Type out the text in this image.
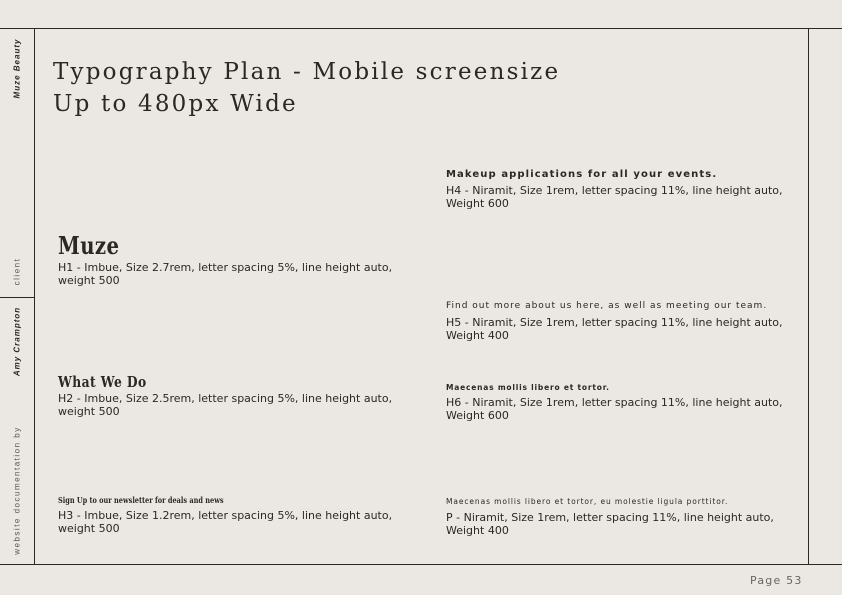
Muze Beauty
client
Amy Crampton
website documentation by
Typography Plan - Mobile screensize
Up to 480px Wide
Muze
H1 - Imbue, Size 2.7rem, letter spacing 5%, line height auto, weight 500
What We Do
H2 - Imbue, Size 2.5rem, letter spacing 5%, line height auto, weight 500
Sign Up to our newsletter for deals and news
H3 - Imbue, Size 1.2rem, letter spacing 5%, line height auto, weight 500
Makeup applications for all your events.
H4 - Niramit, Size 1rem, letter spacing 11%, line height auto, Weight 600
Find out more about us here, as well as meeting our team.
H5 - Niramit, Size 1rem, letter spacing 11%, line height auto, Weight 400
Maecenas mollis libero et tortor.
H6 - Niramit, Size 1rem, letter spacing 11%, line height auto, Weight 600
Maecenas mollis libero et tortor, eu molestie ligula porttitor.
P - Niramit, Size 1rem, letter spacing 11%, line height auto, Weight 400
Page 53
